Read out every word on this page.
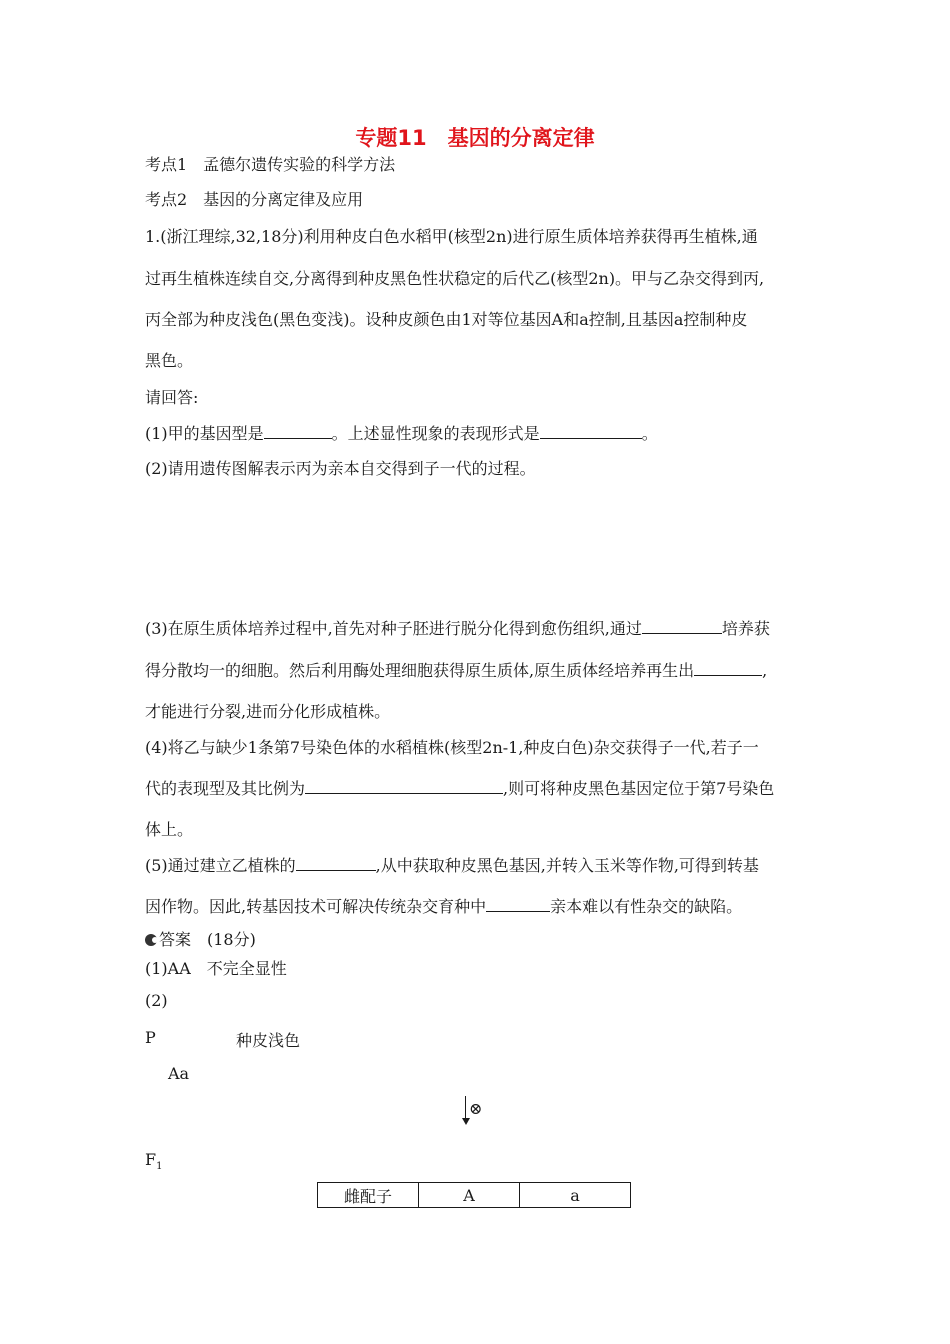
专题11　基因的分离定律
考点1　孟德尔遗传实验的科学方法
考点2　基因的分离定律及应用
1.(浙江理综,32,18分)利用种皮白色水稻甲(核型2n)进行原生质体培养获得再生植株,通
过再生植株连续自交,分离得到种皮黑色性状稳定的后代乙(核型2n)。甲与乙杂交得到丙,
丙全部为种皮浅色(黑色变浅)。设种皮颜色由1对等位基因A和a控制,且基因a控制种皮
黑色。
请回答:
(1)甲的基因型是	。上述显性现象的表现形式是	。
(2)请用遗传图解表示丙为亲本自交得到子一代的过程。
(3)在原生质体培养过程中,首先对种子胚进行脱分化得到愈伤组织,通过	培养获
得分散均一的细胞。然后利用酶处理细胞获得原生质体,原生质体经培养再生出	,
才能进行分裂,进而分化形成植株。
(4)将乙与缺少1条第7号染色体的水稻植株(核型2n-1,种皮白色)杂交获得子一代,若子一
代的表现型及其比例为	,则可将种皮黑色基因定位于第7号染色
体上。
(5)通过建立乙植株的	,从中获取种皮黑色基因,并转入玉米等作物,可得到转基
因作物。因此,转基因技术可解决传统杂交育种中	亲本难以有性杂交的缺陷。
答案　(18分)
(1)AA　不完全显性
(2)
P	种皮浅色
Aa
⊗
$F_1$
雌配子	A	a
